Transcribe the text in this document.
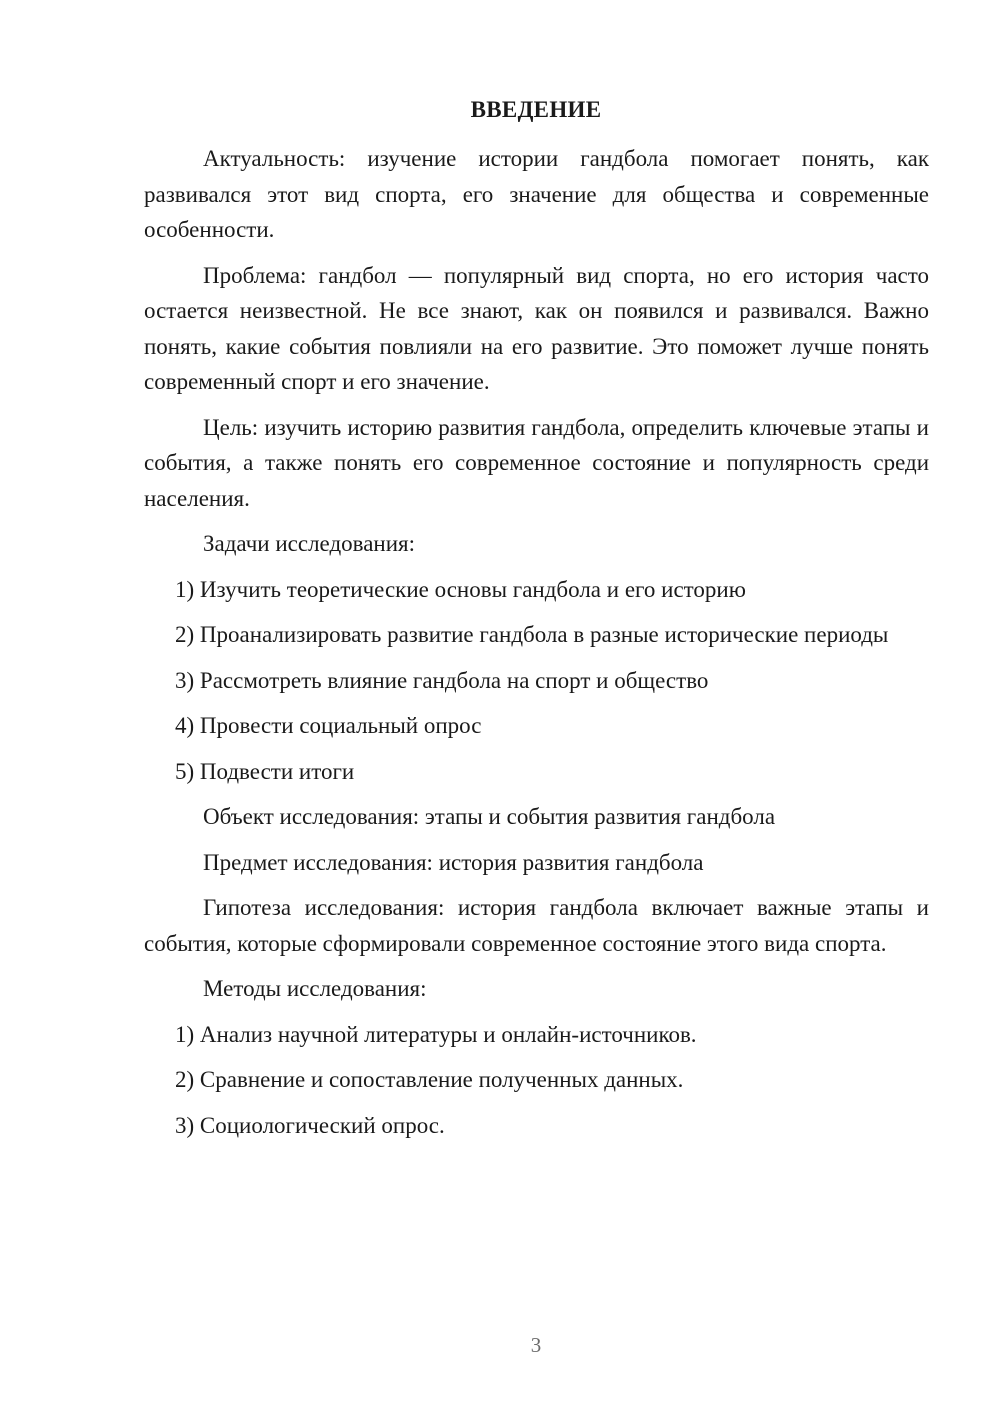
ВВЕДЕНИЕ

Актуальность: изучение истории гандбола помогает понять, как развивался этот вид спорта, его значение для общества и современные особенности.

Проблема: гандбол — популярный вид спорта, но его история часто остается неизвестной. Не все знают, как он появился и развивался. Важно понять, какие события повлияли на его развитие. Это поможет лучше понять современный спорт и его значение.

Цель: изучить историю развития гандбола, определить ключевые этапы и события, а также понять его современное состояние и популярность среди населения.

Задачи исследования:

1) Изучить теоретические основы гандбола и его историю

2) Проанализировать развитие гандбола в разные исторические периоды

3) Рассмотреть влияние гандбола на спорт и общество

4) Провести социальный опрос

5) Подвести итоги

Объект исследования: этапы и события развития гандбола

Предмет исследования: история развития гандбола

Гипотеза исследования: история гандбола включает важные этапы и события, которые сформировали современное состояние этого вида спорта.

Методы исследования:

1) Анализ научной литературы и онлайн-источников.

2) Сравнение и сопоставление полученных данных.

3) Социологический опрос.

3
